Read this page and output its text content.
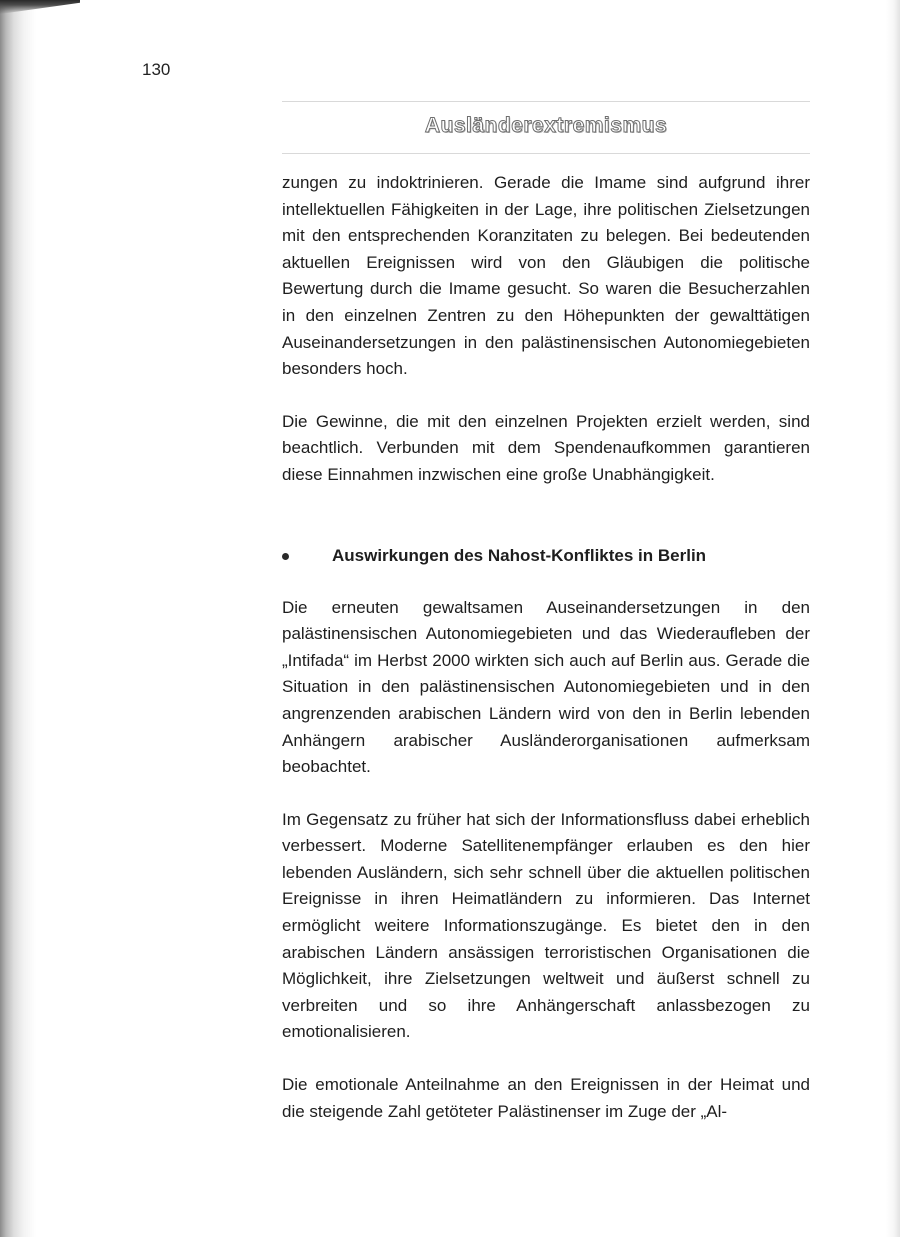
130
Ausländerextremismus

zungen zu indoktrinieren. Gerade die Imame sind aufgrund ihrer intellektuellen Fähigkeiten in der Lage, ihre politischen Zielsetzungen mit den entsprechenden Koranzitaten zu belegen. Bei bedeutenden aktuellen Ereignissen wird von den Gläubigen die politische Bewertung durch die Imame gesucht. So waren die Besucherzahlen in den einzelnen Zentren zu den Höhepunkten der gewalttätigen Auseinandersetzungen in den palästinensischen Autonomiegebieten besonders hoch.

Die Gewinne, die mit den einzelnen Projekten erzielt werden, sind beachtlich. Verbunden mit dem Spendenaufkommen garantieren diese Einnahmen inzwischen eine große Unabhängigkeit.

Auswirkungen des Nahost-Konfliktes in Berlin

Die erneuten gewaltsamen Auseinandersetzungen in den palästinensischen Autonomiegebieten und das Wiederaufleben der „Intifada“ im Herbst 2000 wirkten sich auch auf Berlin aus. Gerade die Situation in den palästinensischen Autonomiegebieten und in den angrenzenden arabischen Ländern wird von den in Berlin lebenden Anhängern arabischer Ausländerorganisationen aufmerksam beobachtet.

Im Gegensatz zu früher hat sich der Informationsfluss dabei erheblich verbessert. Moderne Satellitenempfänger erlauben es den hier lebenden Ausländern, sich sehr schnell über die aktuellen politischen Ereignisse in ihren Heimatländern zu informieren. Das Internet ermöglicht weitere Informationszugänge. Es bietet den in den arabischen Ländern ansässigen terroristischen Organisationen die Möglichkeit, ihre Zielsetzungen weltweit und äußerst schnell zu verbreiten und so ihre Anhängerschaft anlassbezogen zu emotionalisieren.

Die emotionale Anteilnahme an den Ereignissen in der Heimat und die steigende Zahl getöteter Palästinenser im Zuge der „Al-
